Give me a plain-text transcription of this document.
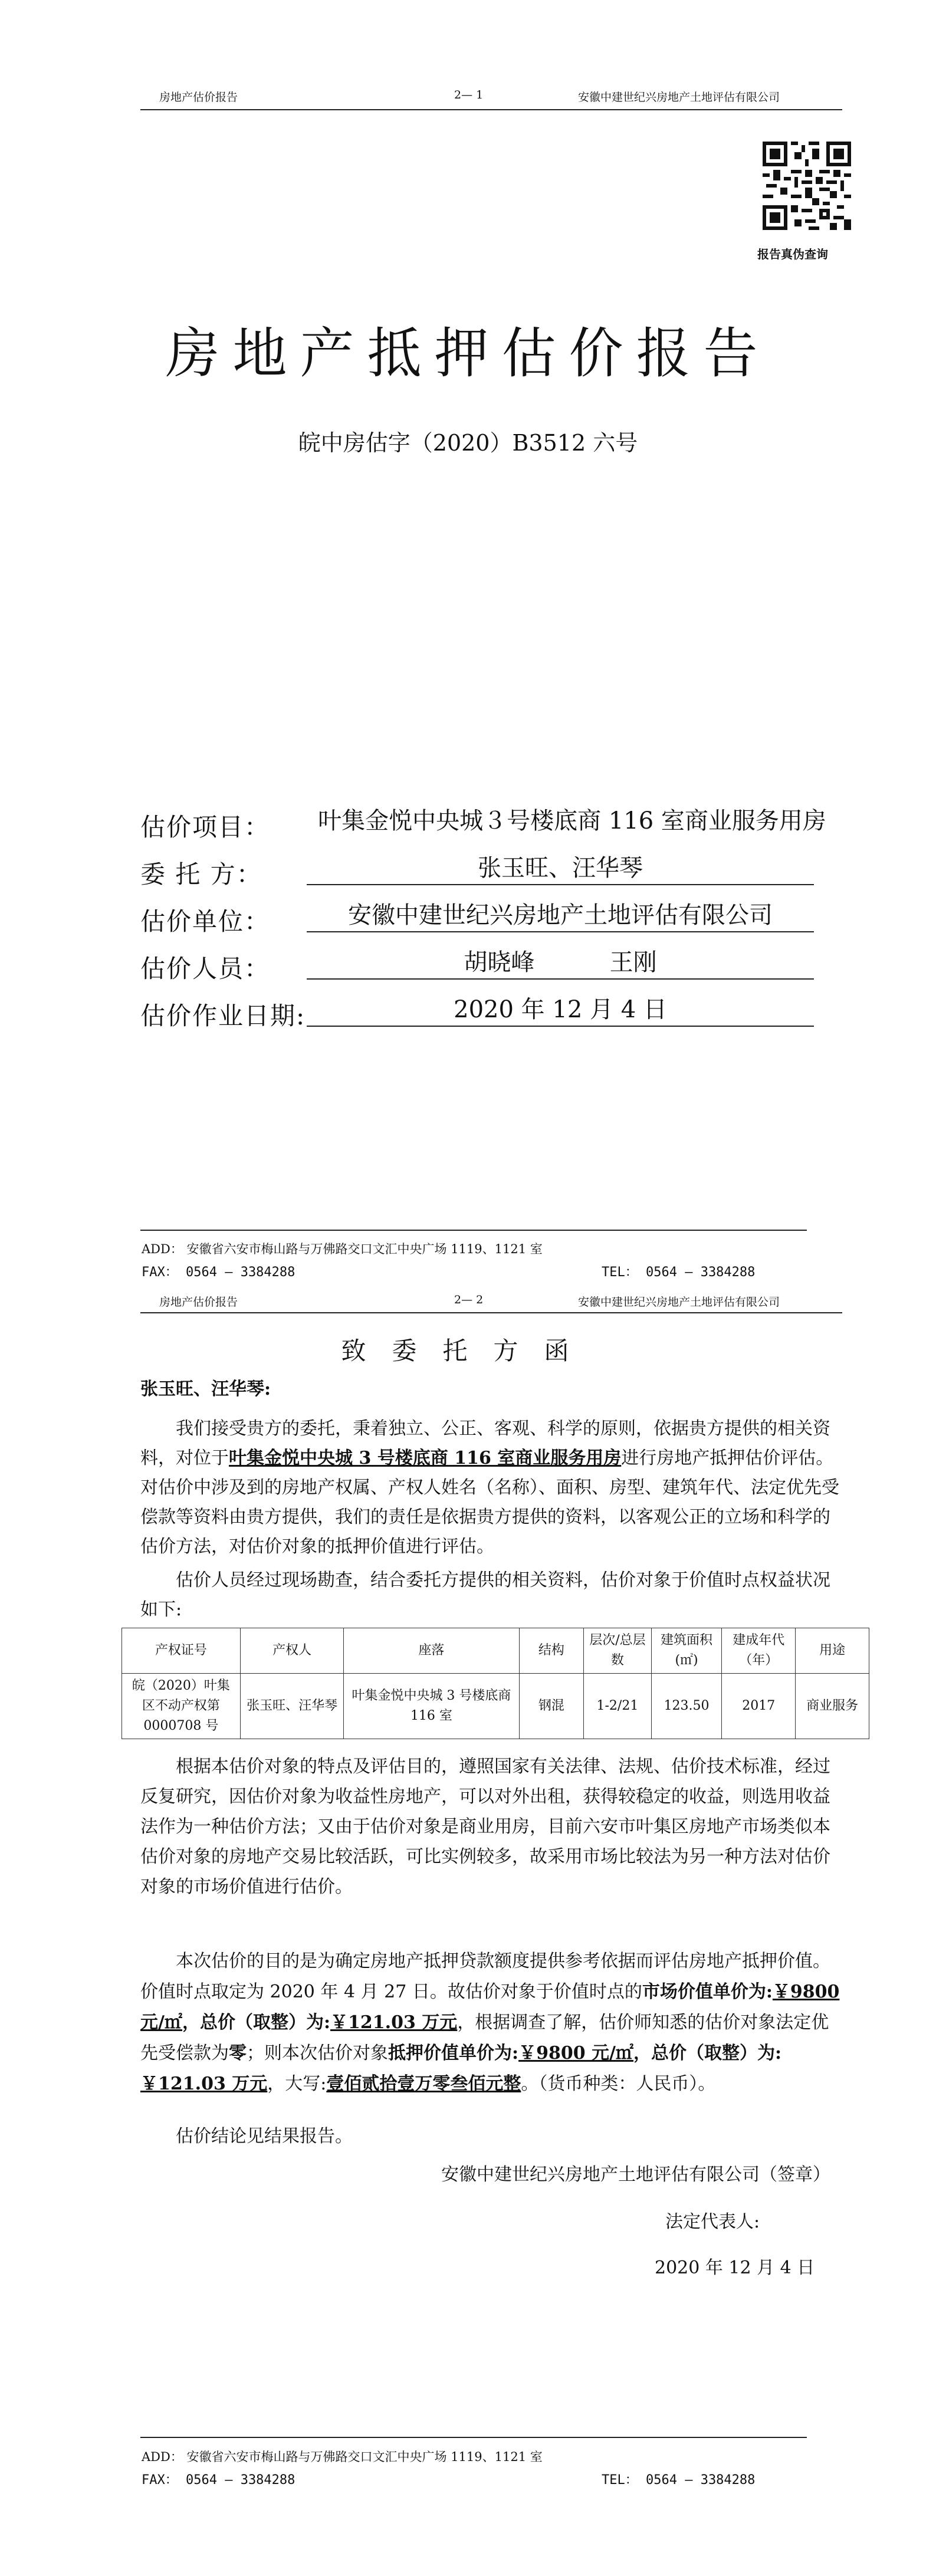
房地产估价报告	2— 1	安徽中建世纪兴房地产土地评估有限公司
报告真伪查询
房地产抵押估价报告
皖中房估字（2020）B3512 六号
估价项目：	叶集金悦中央城３号楼底商 116 室商业服务用房
委 托 方：	张玉旺、汪华琴
估价单位：	安徽中建世纪兴房地产土地评估有限公司
估价人员：	胡晓峰          王刚
估价作业日期:	2020 年 12 月 4 日
ADD： 安徽省六安市梅山路与万佛路交口文汇中央广场 1119、1121 室
FAX： 0564 — 3384288	TEL： 0564 — 3384288
房地产估价报告	2— 2	安徽中建世纪兴房地产土地评估有限公司
致委托方函
张玉旺、汪华琴:

我们接受贵方的委托，秉着独立、公正、客观、科学的原则，依据贵方提供的相关资料，对位于叶集金悦中央城 3 号楼底商 116 室商业服务用房进行房地产抵押估价评估。对估价中涉及到的房地产权属、产权人姓名（名称）、面积、房型、建筑年代、法定优先受偿款等资料由贵方提供，我们的责任是依据贵方提供的资料，以客观公正的立场和科学的估价方法，对估价对象的抵押价值进行评估。

估价人员经过现场勘查，结合委托方提供的相关资料，估价对象于价值时点权益状况如下:

产权证号	产权人	座落	结构	层次/总层数	建筑面积(㎡)	建成年代（年）	用途
皖（2020）叶集区不动产权第 0000708 号	张玉旺、汪华琴	叶集金悦中央城 3 号楼底商 116 室	钢混	1-2/21	123.50	2017	商业服务

根据本估价对象的特点及评估目的，遵照国家有关法律、法规、估价技术标准，经过反复研究，因估价对象为收益性房地产，可以对外出租，获得较稳定的收益，则选用收益法作为一种估价方法；又由于估价对象是商业用房，目前六安市叶集区房地产市场类似本估价对象的房地产交易比较活跃，可比实例较多，故采用市场比较法为另一种方法对估价对象的市场价值进行估价。

本次估价的目的是为确定房地产抵押贷款额度提供参考依据而评估房地产抵押价值。价值时点取定为 2020 年 4 月 27 日。故估价对象于价值时点的市场价值单价为:￥9800 元/㎡，总价（取整）为:￥121.03 万元，根据调查了解，估价师知悉的估价对象法定优先受偿款为零；则本次估价对象抵押价值单价为:￥9800 元/㎡，总价（取整）为:￥121.03 万元，大写:壹佰贰拾壹万零叁佰元整。（货币种类：人民币）。

估价结论见结果报告。

安徽中建世纪兴房地产土地评估有限公司（签章）
法定代表人:
2020 年 12 月 4 日
ADD： 安徽省六安市梅山路与万佛路交口文汇中央广场 1119、1121 室
FAX： 0564 — 3384288	TEL： 0564 — 3384288
